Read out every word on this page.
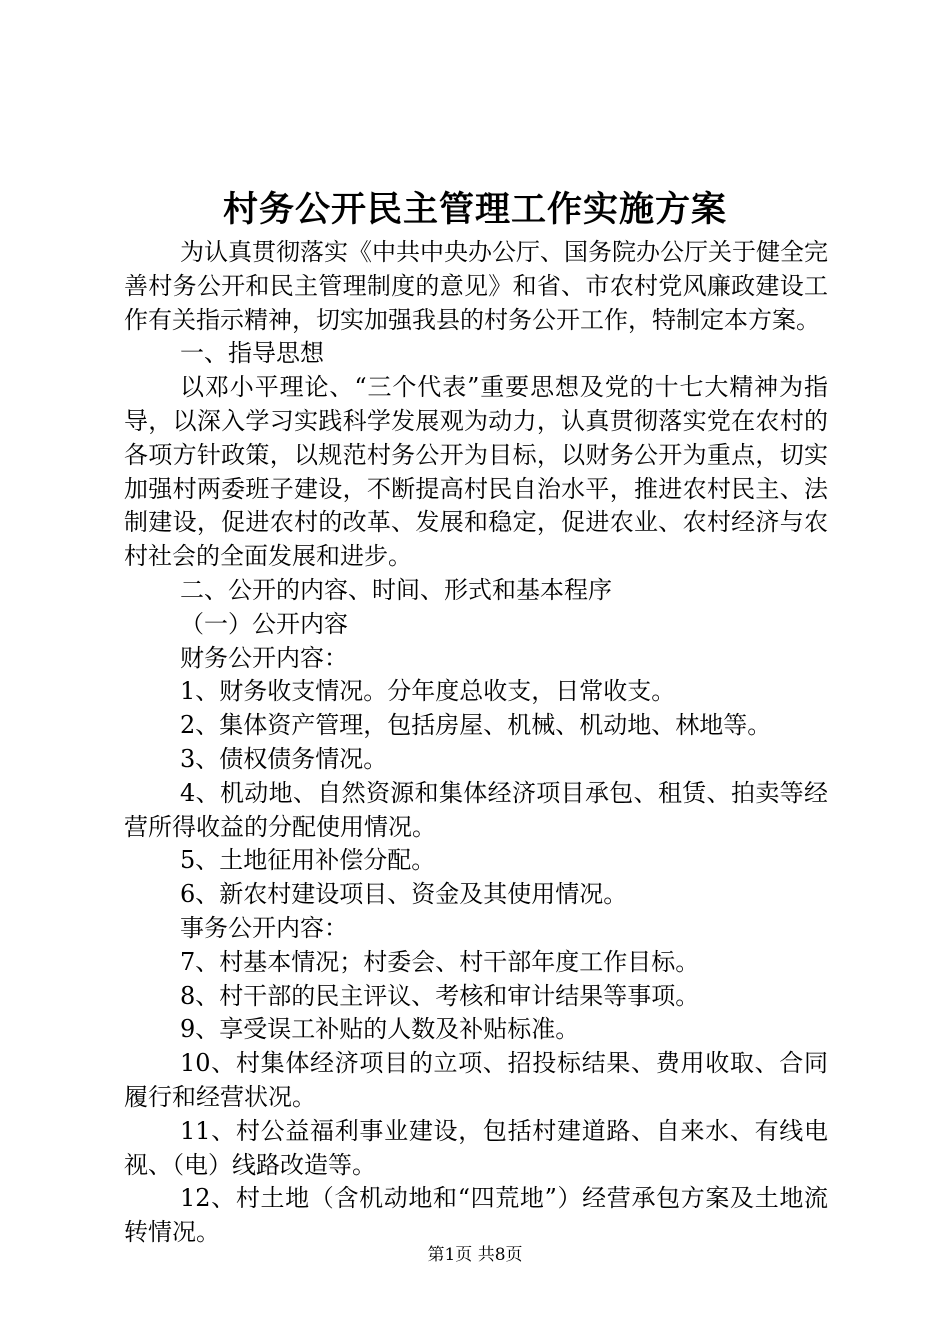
村务公开民主管理工作实施方案

为认真贯彻落实《中共中央办公厅、国务院办公厅关于健全完善村务公开和民主管理制度的意见》和省、市农村党风廉政建设工作有关指示精神，切实加强我县的村务公开工作，特制定本方案。

一、指导思想

以邓小平理论、“三个代表”重要思想及党的十七大精神为指导，以深入学习实践科学发展观为动力，认真贯彻落实党在农村的各项方针政策，以规范村务公开为目标，以财务公开为重点，切实加强村两委班子建设，不断提高村民自治水平，推进农村民主、法制建设，促进农村的改革、发展和稳定，促进农业、农村经济与农村社会的全面发展和进步。

二、公开的内容、时间、形式和基本程序

（一）公开内容

财务公开内容：

1、财务收支情况。分年度总收支，日常收支。

2、集体资产管理，包括房屋、机械、机动地、林地等。

3、债权债务情况。

4、机动地、自然资源和集体经济项目承包、租赁、拍卖等经营所得收益的分配使用情况。

5、土地征用补偿分配。

6、新农村建设项目、资金及其使用情况。

事务公开内容：

7、村基本情况；村委会、村干部年度工作目标。

8、村干部的民主评议、考核和审计结果等事项。

9、享受误工补贴的人数及补贴标准。

10、村集体经济项目的立项、招投标结果、费用收取、合同履行和经营状况。

11、村公益福利事业建设，包括村建道路、自来水、有线电视、（电）线路改造等。

12、村土地（含机动地和“四荒地”）经营承包方案及土地流转情况。

第1页 共8页
